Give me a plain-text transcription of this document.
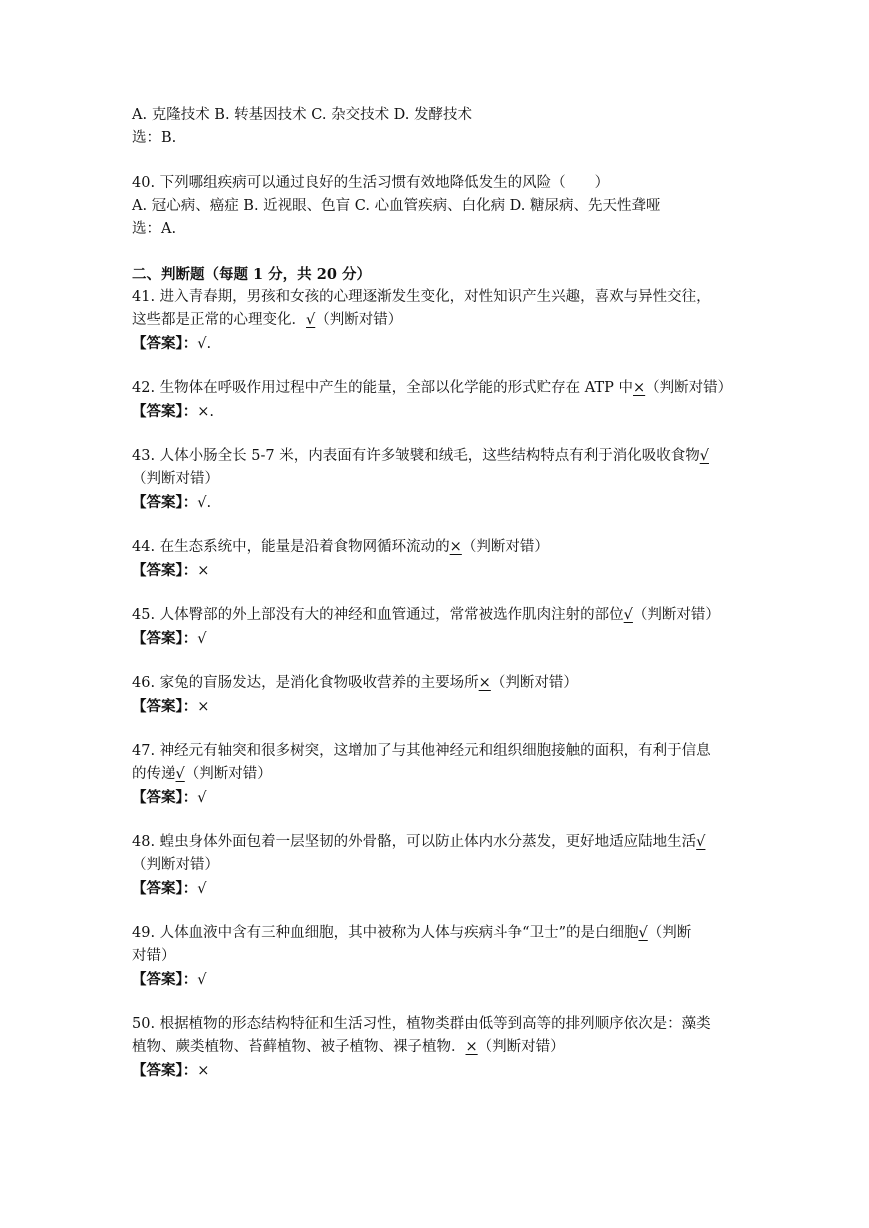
A. 克隆技术 B. 转基因技术 C. 杂交技术 D. 发酵技术
选：B.
40. 下列哪组疾病可以通过良好的生活习惯有效地降低发生的风险（　　）
A. 冠心病、癌症 B. 近视眼、色盲 C. 心血管疾病、白化病 D. 糖尿病、先天性聋哑
选：A.
二、判断题（每题 1 分，共 20 分）
41. 进入青春期，男孩和女孩的心理逐渐发生变化，对性知识产生兴趣，喜欢与异性交往，
这些都是正常的心理变化．√（判断对错）
【答案】：√.
42. 生物体在呼吸作用过程中产生的能量，全部以化学能的形式贮存在 ATP 中×（判断对错）
【答案】：×.
43. 人体小肠全长 5-7 米，内表面有许多皱襞和绒毛，这些结构特点有利于消化吸收食物√
（判断对错）
【答案】：√.
44. 在生态系统中，能量是沿着食物网循环流动的×（判断对错）
【答案】：×
45. 人体臀部的外上部没有大的神经和血管通过，常常被选作肌肉注射的部位√（判断对错）
【答案】：√
46. 家兔的盲肠发达，是消化食物吸收营养的主要场所×（判断对错）
【答案】：×
47. 神经元有轴突和很多树突，这增加了与其他神经元和组织细胞接触的面积，有利于信息
的传递√（判断对错）
【答案】：√
48. 蝗虫身体外面包着一层坚韧的外骨骼，可以防止体内水分蒸发，更好地适应陆地生活√
（判断对错）
【答案】：√
49. 人体血液中含有三种血细胞，其中被称为人体与疾病斗争“卫士”的是白细胞√（判断
对错）
【答案】：√
50. 根据植物的形态结构特征和生活习性，植物类群由低等到高等的排列顺序依次是：藻类
植物、蕨类植物、苔藓植物、被子植物、裸子植物．×（判断对错）
【答案】：×
